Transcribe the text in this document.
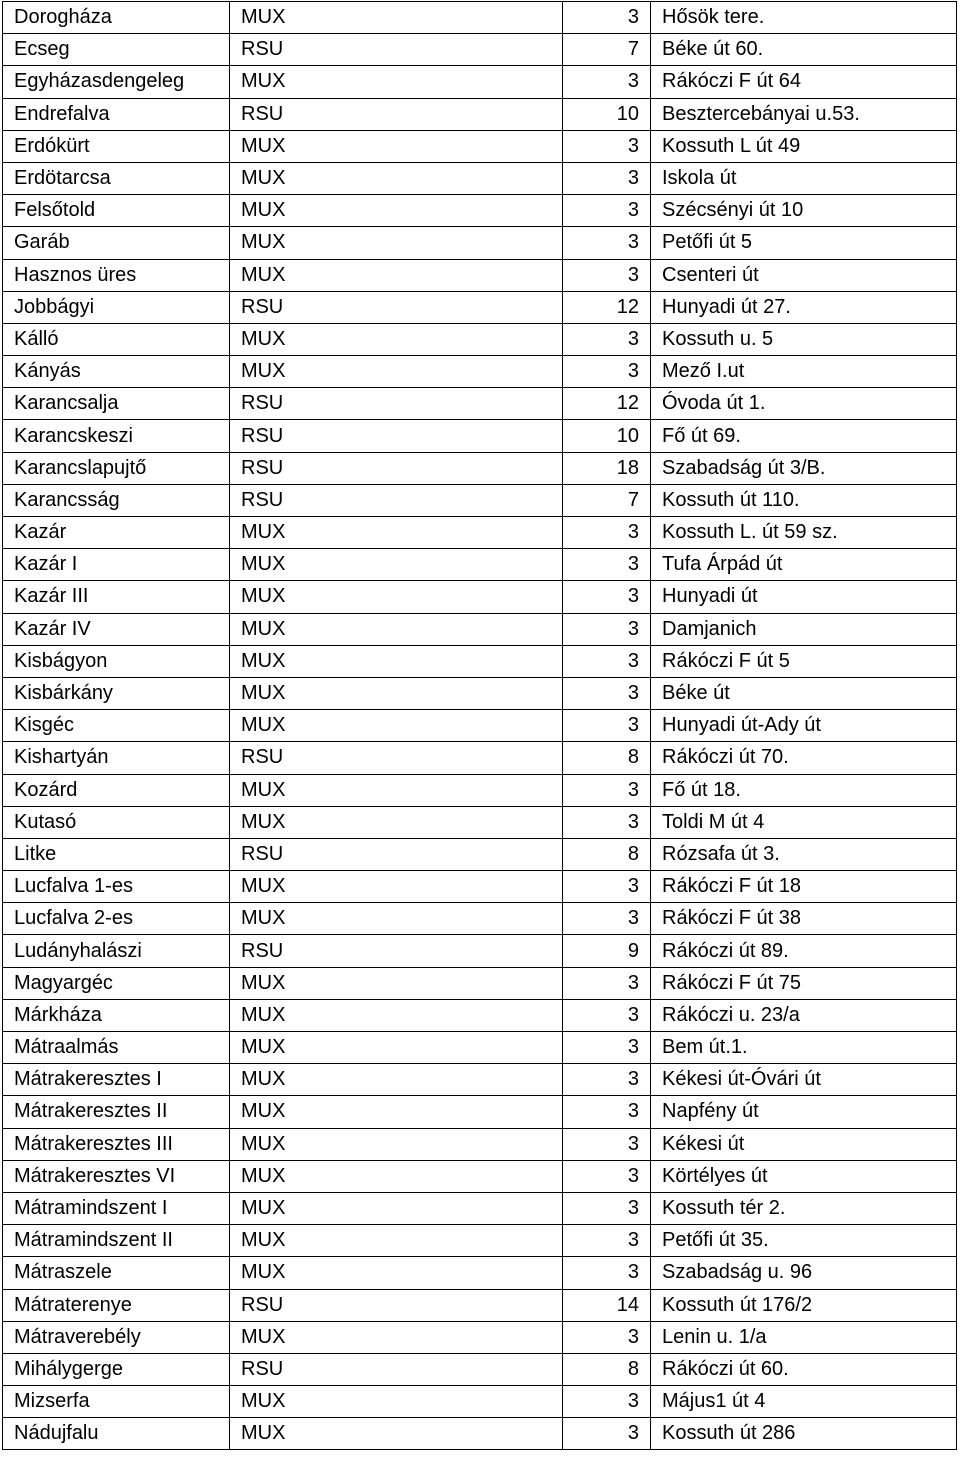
Dorogháza	MUX	3	Hősök tere.
Ecseg	RSU	7	Béke út 60.
Egyházasdengeleg	MUX	3	Rákóczi F út 64
Endrefalva	RSU	10	Besztercebányai u.53.
Erdókürt	MUX	3	Kossuth L út 49
Erdötarcsa	MUX	3	Iskola út
Felsőtold	MUX	3	Szécsényi út 10
Garáb	MUX	3	Petőfi út 5
Hasznos üres	MUX	3	Csenteri út
Jobbágyi	RSU	12	Hunyadi út 27.
Kálló	MUX	3	Kossuth u. 5
Kányás	MUX	3	Mező I.ut
Karancsalja	RSU	12	Óvoda út 1.
Karancskeszi	RSU	10	Fő út 69.
Karancslapujtő	RSU	18	Szabadság út 3/B.
Karancsság	RSU	7	Kossuth út 110.
Kazár	MUX	3	Kossuth L. út 59 sz.
Kazár I	MUX	3	Tufa Árpád út
Kazár III	MUX	3	Hunyadi út
Kazár IV	MUX	3	Damjanich
Kisbágyon	MUX	3	Rákóczi F út 5
Kisbárkány	MUX	3	Béke út
Kisgéc	MUX	3	Hunyadi út-Ady út
Kishartyán	RSU	8	Rákóczi út 70.
Kozárd	MUX	3	Fő út 18.
Kutasó	MUX	3	Toldi M út 4
Litke	RSU	8	Rózsafa út 3.
Lucfalva 1-es	MUX	3	Rákóczi F út 18
Lucfalva 2-es	MUX	3	Rákóczi F út 38
Ludányhalászi	RSU	9	Rákóczi út 89.
Magyargéc	MUX	3	Rákóczi F út 75
Márkháza	MUX	3	Rákóczi u. 23/a
Mátraalmás	MUX	3	Bem út.1.
Mátrakeresztes I	MUX	3	Kékesi út-Óvári út
Mátrakeresztes II	MUX	3	Napfény út
Mátrakeresztes III	MUX	3	Kékesi út
Mátrakeresztes VI	MUX	3	Körtélyes út
Mátramindszent I	MUX	3	Kossuth tér 2.
Mátramindszent II	MUX	3	Petőfi út 35.
Mátraszele	MUX	3	Szabadság u. 96
Mátraterenye	RSU	14	Kossuth út 176/2
Mátraverebély	MUX	3	Lenin u. 1/a
Mihálygerge	RSU	8	Rákóczi út 60.
Mizserfa	MUX	3	Május1 út 4
Nádujfalu	MUX	3	Kossuth út 286
